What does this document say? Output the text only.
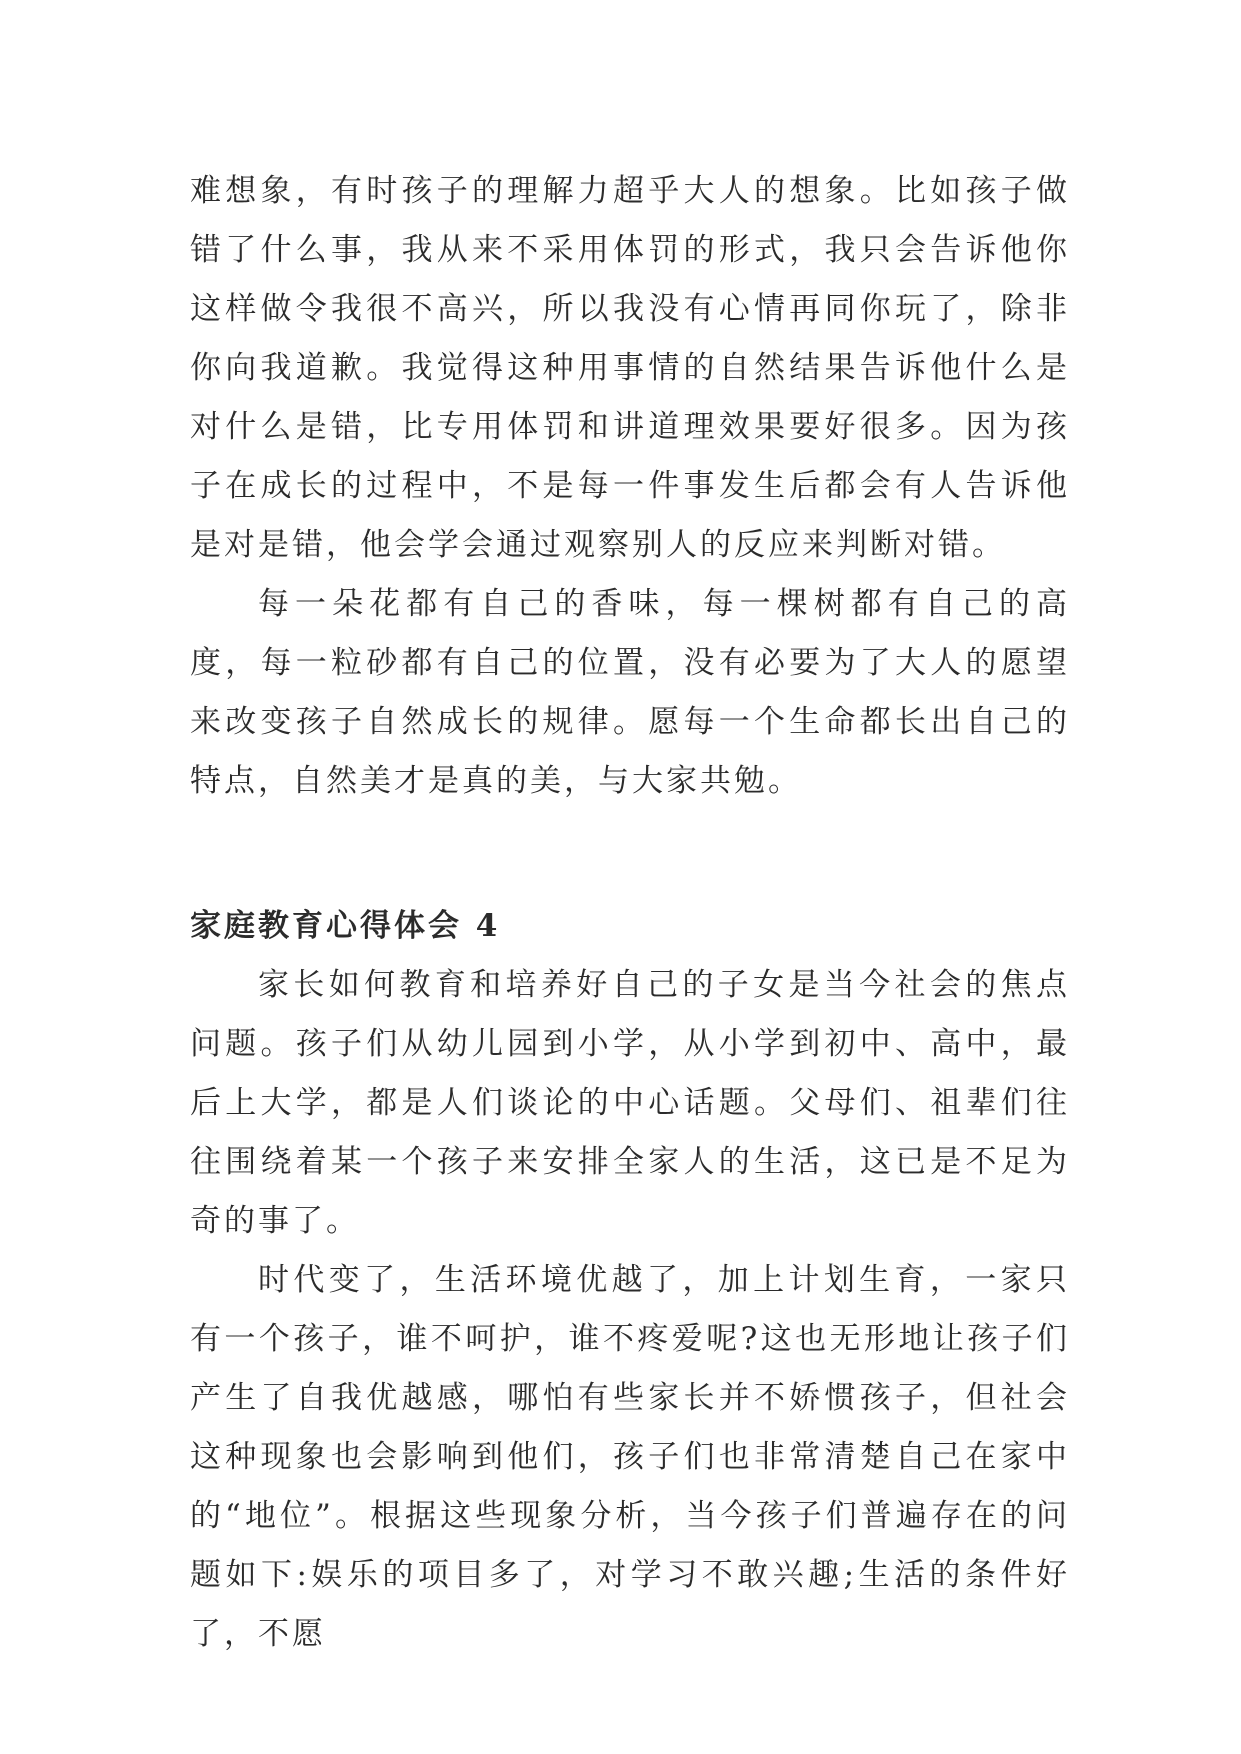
难想象，有时孩子的理解力超乎大人的想象。比如孩子做错了什么事，我从来不采用体罚的形式，我只会告诉他你这样做令我很不高兴，所以我没有心情再同你玩了，除非你向我道歉。我觉得这种用事情的自然结果告诉他什么是对什么是错，比专用体罚和讲道理效果要好很多。因为孩子在成长的过程中，不是每一件事发生后都会有人告诉他是对是错，他会学会通过观察别人的反应来判断对错。

每一朵花都有自己的香味，每一棵树都有自己的高度，每一粒砂都有自己的位置，没有必要为了大人的愿望来改变孩子自然成长的规律。愿每一个生命都长出自己的特点，自然美才是真的美，与大家共勉。

家庭教育心得体会 4

家长如何教育和培养好自己的子女是当今社会的焦点问题。孩子们从幼儿园到小学，从小学到初中、高中，最后上大学，都是人们谈论的中心话题。父母们、祖辈们往往围绕着某一个孩子来安排全家人的生活，这已是不足为奇的事了。

时代变了，生活环境优越了，加上计划生育，一家只有一个孩子，谁不呵护，谁不疼爱呢?这也无形地让孩子们产生了自我优越感，哪怕有些家长并不娇惯孩子，但社会这种现象也会影响到他们，孩子们也非常清楚自己在家中的“地位”。根据这些现象分析，当今孩子们普遍存在的问题如下:娱乐的项目多了，对学习不敢兴趣;生活的条件好了，不愿
